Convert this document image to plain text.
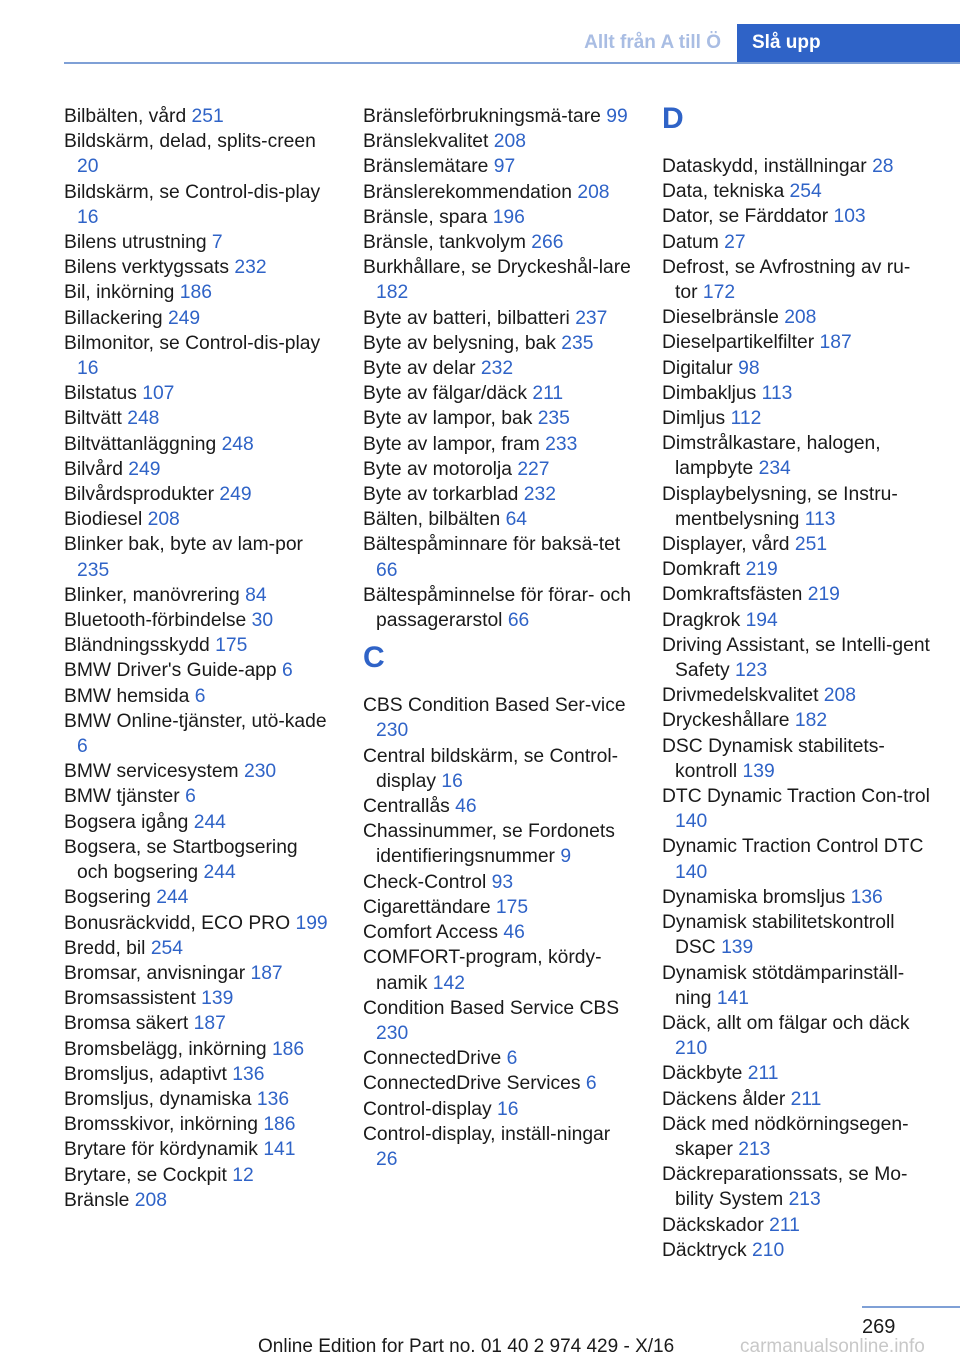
Allt från A till Ö	Slå upp
Bilbälten, vård 251
Bildskärm, delad, splits-creen 20
Bildskärm, se Control-dis-play 16
Bilens utrustning 7
Bilens verktygssats 232
Bil, inkörning 186
Billackering 249
Bilmonitor, se Control-dis-play 16
Bilstatus 107
Biltvätt 248
Biltvättanläggning 248
Bilvård 249
Bilvårdsprodukter 249
Biodiesel 208
Blinker bak, byte av lam-por 235
Blinker, manövrering 84
Bluetooth-förbindelse 30
Bländningsskydd 175
BMW Driver's Guide-app 6
BMW hemsida 6
BMW Online-tjänster, utö-kade 6
BMW servicesystem 230
BMW tjänster 6
Bogsera igång 244
Bogsera, se Startbogsering och bogsering 244
Bogsering 244
Bonusräckvidd, ECO PRO 199
Bredd, bil 254
Bromsar, anvisningar 187
Bromsassistent 139
Bromsa säkert 187
Bromsbelägg, inkörning 186
Bromsljus, adaptivt 136
Bromsljus, dynamiska 136
Bromsskivor, inkörning 186
Brytare för kördynamik 141
Brytare, se Cockpit 12
Bränsle 208
Bränsleförbrukningsmä-tare 99
Bränslekvalitet 208
Bränslemätare 97
Bränslerekommendation 208
Bränsle, spara 196
Bränsle, tankvolym 266
Burkhållare, se Dryckeshål-lare 182
Byte av batteri, bilbatteri 237
Byte av belysning, bak 235
Byte av delar 232
Byte av fälgar/däck 211
Byte av lampor, bak 235
Byte av lampor, fram 233
Byte av motorolja 227
Byte av torkarblad 232
Bälten, bilbälten 64
Bältespåminnare för baksä-tet 66
Bältespåminnelse för förar- och passagerarstol 66
C
CBS Condition Based Ser-vice 230
Central bildskärm, se Control-display 16
Centrallås 46
Chassinummer, se Fordonets identifieringsnummer 9
Check-Control 93
Cigarettändare 175
Comfort Access 46
COMFORT-program, kördy-namik 142
Condition Based Service CBS 230
ConnectedDrive 6
ConnectedDrive Services 6
Control-display 16
Control-display, inställ-ningar 26
D
Dataskydd, inställningar 28
Data, tekniska 254
Dator, se Färddator 103
Datum 27
Defrost, se Avfrostning av ru-tor 172
Dieselbränsle 208
Dieselpartikelfilter 187
Digitalur 98
Dimbakljus 113
Dimljus 112
Dimstrålkastare, halogen, lampbyte 234
Displaybelysning, se Instru-mentbelysning 113
Displayer, vård 251
Domkraft 219
Domkraftsfästen 219
Dragkrok 194
Driving Assistant, se Intelli-gent Safety 123
Drivmedelskvalitet 208
Dryckeshållare 182
DSC Dynamisk stabilitets-kontroll 139
DTC Dynamic Traction Con-trol 140
Dynamic Traction Control DTC 140
Dynamiska bromsljus 136
Dynamisk stabilitetskontroll DSC 139
Dynamisk stötdämparinställ-ning 141
Däck, allt om fälgar och däck 210
Däckbyte 211
Däckens ålder 211
Däck med nödkörningsegen-skaper 213
Däckreparationssats, se Mo-bility System 213
Däckskador 211
Däcktryck 210
269
Online Edition for Part no. 01 40 2 974 429 - X/16	carmanualsonline.info
